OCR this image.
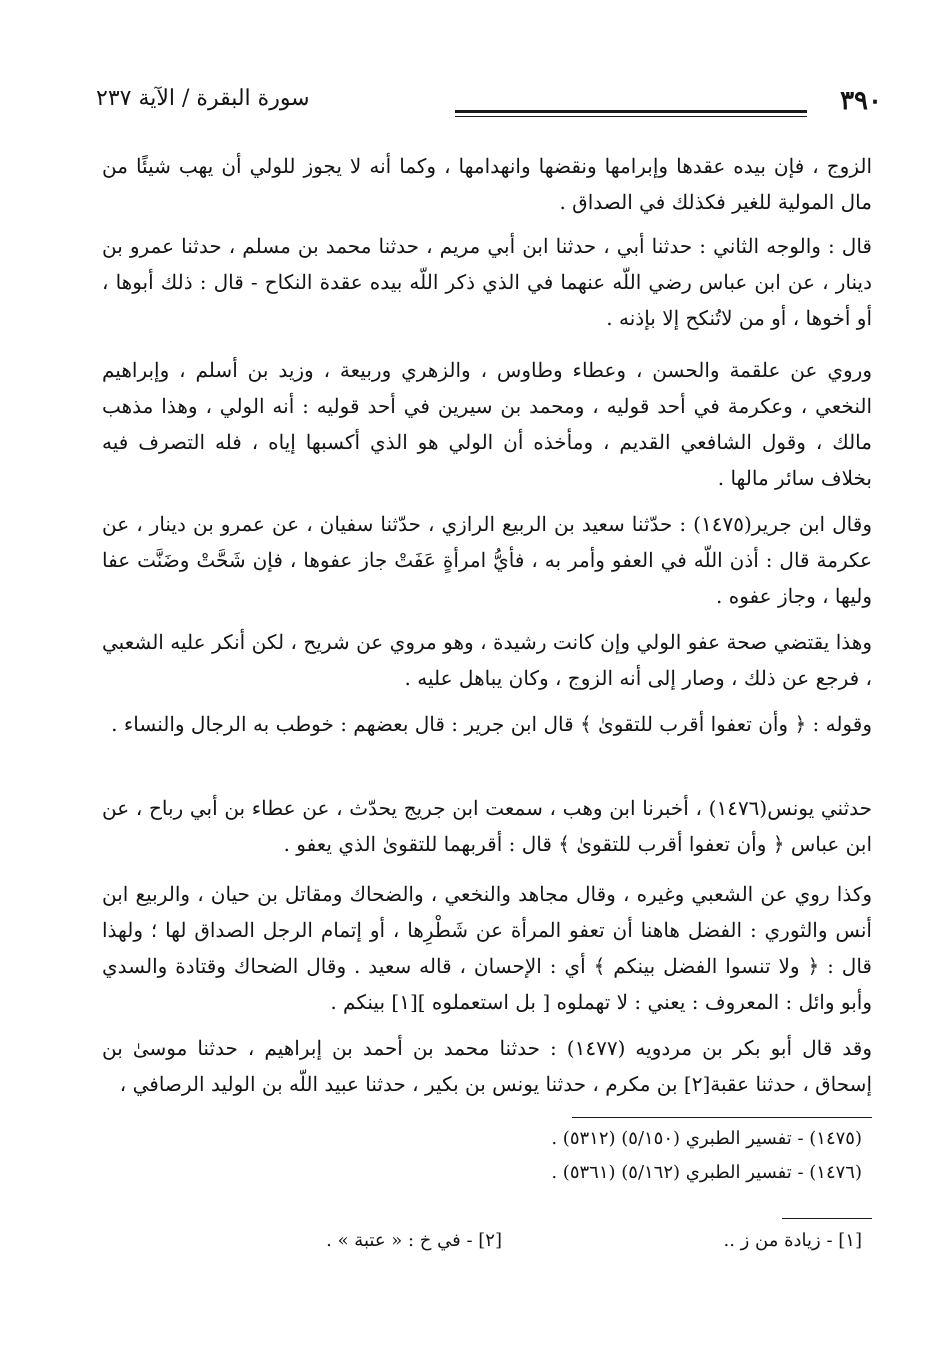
٣٩٠
سورة البقرة / الآية ٢٣٧

الزوج ، فإن بيده عقدها وإبرامها ونقضها وانهدامها ، وكما أنه لا يجوز للولي أن يهب شيئًا من مال المولية للغير فكذلك في الصداق .

قال : والوجه الثاني : حدثنا أبي ، حدثنا ابن أبي مريم ، حدثنا محمد بن مسلم ، حدثنا عمرو بن دينار ، عن ابن عباس رضي اللّه عنهما في الذي ذكر اللّه بيده عقدة النكاح - قال : ذلك أبوها ، أو أخوها ، أو من لاتُنكح إلا بإذنه .

وروي عن علقمة والحسن ، وعطاء وطاوس ، والزهري وربيعة ، وزيد بن أسلم ، وإبراهيم النخعي ، وعكرمة في أحد قوليه ، ومحمد بن سيرين في أحد قوليه : أنه الولي ، وهذا مذهب مالك ، وقول الشافعي القديم ، ومأخذه أن الولي هو الذي أكسبها إياه ، فله التصرف فيه بخلاف سائر مالها .

وقال ابن جرير(١٤٧٥) : حدّثنا سعيد بن الربيع الرازي ، حدّثنا سفيان ، عن عمرو بن دينار ، عن عكرمة قال : أذن اللّه في العفو وأمر به ، فأيُّ امرأةٍ عَفَتْ جاز عفوها ، فإن شَحَّتْ وضَنَّت عفا وليها ، وجاز عفوه .

وهذا يقتضي صحة عفو الولي وإن كانت رشيدة ، وهو مروي عن شريح ، لكن أنكر عليه الشعبي ، فرجع عن ذلك ، وصار إلى أنه الزوج ، وكان يباهل عليه .

وقوله : ﴿ وأن تعفوا أقرب للتقوىٰ ﴾ قال ابن جرير : قال بعضهم : خوطب به الرجال والنساء .

حدثني يونس(١٤٧٦) ، أخبرنا ابن وهب ، سمعت ابن جريج يحدّث ، عن عطاء بن أبي رباح ، عن ابن عباس ﴿ وأن تعفوا أقرب للتقوىٰ ﴾ قال : أقربهما للتقوىٰ الذي يعفو .

وكذا روي عن الشعبي وغيره ، وقال مجاهد والنخعي ، والضحاك ومقاتل بن حيان ، والربيع ابن أنس والثوري : الفضل هاهنا أن تعفو المرأة عن شَطْرِها ، أو إتمام الرجل الصداق لها ؛ ولهذا قال : ﴿ ولا تنسوا الفضل بينكم ﴾ أي : الإحسان ، قاله سعيد . وقال الضحاك وقتادة والسدي وأبو وائل : المعروف : يعني : لا تهملوه [ بل استعملوه ][١] بينكم .

وقد قال أبو بكر بن مردويه (١٤٧٧) : حدثنا محمد بن أحمد بن إبراهيم ، حدثنا موسىٰ بن إسحاق ، حدثنا عقبة[٢] بن مكرم ، حدثنا يونس بن بكير ، حدثنا عبيد اللّه بن الوليد الرصافي ،

(١٤٧٥) - تفسير الطبري (٥/١٥٠) (٥٣١٢) .
(١٤٧٦) - تفسير الطبري (٥/١٦٢) (٥٣٦١) .
[١] - زيادة من ز ..
[٢] - في خ : « عتبة » .
